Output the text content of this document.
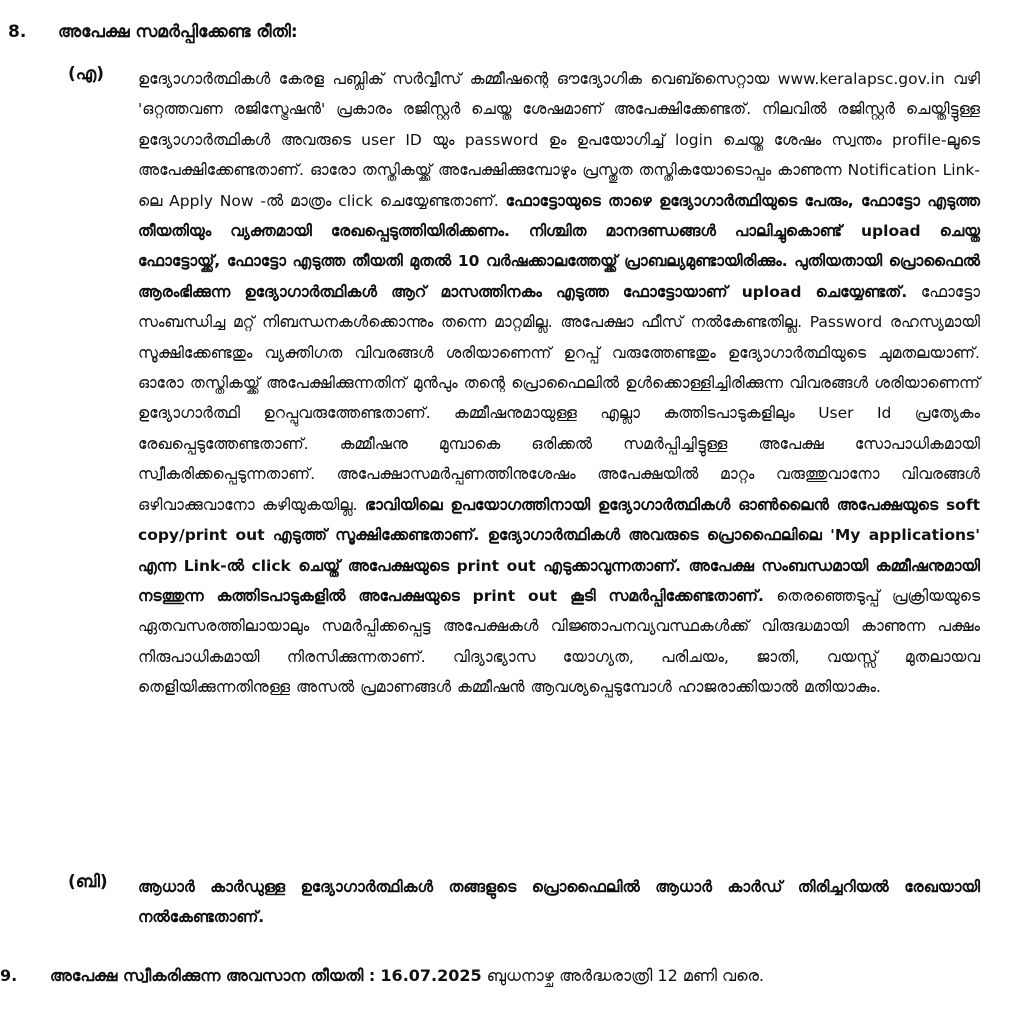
8. അപേക്ഷ സമർപ്പിക്കേണ്ട രീതി:
(എ) ഉദ്യോഗാർത്ഥികൾ കേരള പബ്ലിക് സർവ്വീസ് കമ്മീഷന്റെ ഔദ്യോഗിക വെബ്സൈറ്റായ www.keralapsc.gov.in വഴി 'ഒറ്റത്തവണ രജിസ്ട്രേഷൻ' പ്രകാരം രജിസ്റ്റർ ചെയ്ത ശേഷമാണ് അപേക്ഷിക്കേണ്ടത്. നിലവിൽ രജിസ്റ്റർ ചെയ്തിട്ടുള്ള ഉദ്യോഗാർത്ഥികൾ അവരുടെ user ID യും password ഉം ഉപയോഗിച്ച് login ചെയ്ത ശേഷം സ്വന്തം profile-ലൂടെ അപേക്ഷിക്കേണ്ടതാണ്. ഓരോ തസ്തികയ്ക്ക് അപേക്ഷിക്കുമ്പോഴും പ്രസ്തുത തസ്തികയോടൊപ്പം കാണുന്ന Notification Link-ലെ Apply Now -ൽ മാത്രം click ചെയ്യേണ്ടതാണ്. ഫോട്ടോയുടെ താഴെ ഉദ്യോഗാർത്ഥിയുടെ പേരും, ഫോട്ടോ എടുത്ത തീയതിയും വ്യക്തമായി രേഖപ്പെടുത്തിയിരിക്കണം. നിശ്ചിത മാനദണ്ഡങ്ങൾ പാലിച്ചുകൊണ്ട് upload ചെയ്ത ഫോട്ടോയ്ക്ക്, ഫോട്ടോ എടുത്ത തീയതി മുതൽ 10 വർഷക്കാലത്തേയ്ക്ക് പ്രാബല്യമുണ്ടായിരിക്കും. പുതിയതായി പ്രൊഫൈൽ ആരംഭിക്കുന്ന ഉദ്യോഗാർത്ഥികൾ ആറ് മാസത്തിനകം എടുത്ത ഫോട്ടോയാണ് upload ചെയ്യേണ്ടത്. ഫോട്ടോ സംബന്ധിച്ച മറ്റ് നിബന്ധനകൾക്കൊന്നും തന്നെ മാറ്റമില്ല. അപേക്ഷാ ഫീസ് നൽകേണ്ടതില്ല. Password രഹസ്യമായി സൂക്ഷിക്കേണ്ടതും വ്യക്തിഗത വിവരങ്ങൾ ശരിയാണെന്ന് ഉറപ്പ് വരുത്തേണ്ടതും ഉദ്യോഗാർത്ഥിയുടെ ചുമതലയാണ്. ഓരോ തസ്തികയ്ക്ക് അപേക്ഷിക്കുന്നതിന് മുൻപും തന്റെ പ്രൊഫൈലിൽ ഉൾക്കൊള്ളിച്ചിരിക്കുന്ന വിവരങ്ങൾ ശരിയാണെന്ന് ഉദ്യോഗാർത്ഥി ഉറപ്പുവരുത്തേണ്ടതാണ്. കമ്മീഷനുമായുള്ള എല്ലാ കത്തിടപാടുകളിലും User Id പ്രത്യേകം രേഖപ്പെടുത്തേണ്ടതാണ്. കമ്മീഷനു മുമ്പാകെ ഒരിക്കൽ സമർപ്പിച്ചിട്ടുള്ള അപേക്ഷ സോപാധികമായി സ്വീകരിക്കപ്പെടുന്നതാണ്. അപേക്ഷാസമർപ്പണത്തിനുശേഷം അപേക്ഷയിൽ മാറ്റം വരുത്തുവാനോ വിവരങ്ങൾ ഒഴിവാക്കുവാനോ കഴിയുകയില്ല. ഭാവിയിലെ ഉപയോഗത്തിനായി ഉദ്യോഗാർത്ഥികൾ ഓൺലൈൻ അപേക്ഷയുടെ soft copy/print out എടുത്ത് സൂക്ഷിക്കേണ്ടതാണ്. ഉദ്യോഗാർത്ഥികൾ അവരുടെ പ്രൊഫൈലിലെ 'My applications' എന്ന Link-ൽ click ചെയ്ത് അപേക്ഷയുടെ print out എടുക്കാവുന്നതാണ്. അപേക്ഷ സംബന്ധമായി കമ്മീഷനുമായി നടത്തുന്ന കത്തിടപാടുകളിൽ അപേക്ഷയുടെ print out കൂടി സമർപ്പിക്കേണ്ടതാണ്. തെരഞ്ഞെടുപ്പ് പ്രക്രിയയുടെ ഏതവസരത്തിലായാലും സമർപ്പിക്കപ്പെട്ട അപേക്ഷകൾ വിജ്ഞാപനവ്യവസ്ഥകൾക്ക് വിരുദ്ധമായി കാണുന്ന പക്ഷം നിരുപാധികമായി നിരസിക്കുന്നതാണ്. വിദ്യാഭ്യാസ യോഗ്യത, പരിചയം, ജാതി, വയസ്സ് മുതലായവ തെളിയിക്കുന്നതിനുള്ള അസൽ പ്രമാണങ്ങൾ കമ്മീഷൻ ആവശ്യപ്പെടുമ്പോൾ ഹാജരാക്കിയാൽ മതിയാകും.
(ബി) ആധാർ കാർഡുള്ള ഉദ്യോഗാർത്ഥികൾ തങ്ങളുടെ പ്രൊഫൈലിൽ ആധാർ കാർഡ് തിരിച്ചറിയൽ രേഖയായി നൽകേണ്ടതാണ്.
9. അപേക്ഷ സ്വീകരിക്കുന്ന അവസാന തീയതി : 16.07.2025 ബുധനാഴ്ച അർദ്ധരാത്രി 12 മണി വരെ.
